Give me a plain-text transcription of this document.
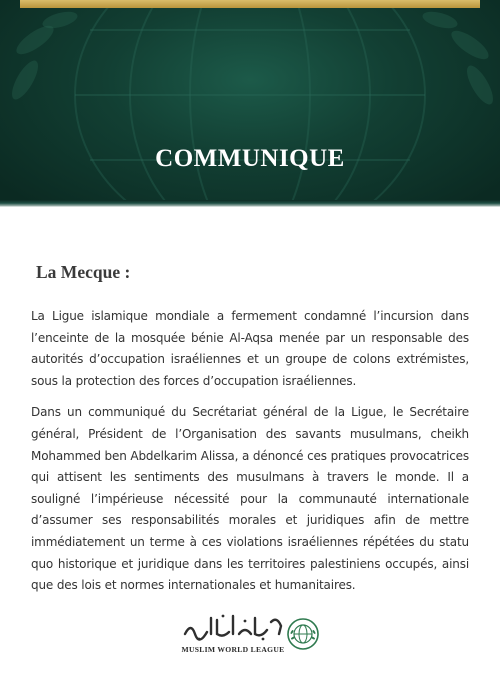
COMMUNIQUE
La Mecque :

La Ligue islamique mondiale a fermement condamné l’incursion dans l’enceinte de la mosquée bénie Al-Aqsa menée par un responsable des autorités d’occupation israéliennes et un groupe de colons extrémistes, sous la protection des forces d’occupation israéliennes.

Dans un communiqué du Secrétariat général de la Ligue, le Secrétaire général, Président de l’Organisation des savants musulmans, cheikh Mohammed ben Abdelkarim Alissa, a dénoncé ces pratiques provocatrices qui attisent les sentiments des musulmans à travers le monde. Il a souligné l’impérieuse nécessité pour la communauté internationale d’assumer ses responsabilités morales et juridiques afin de mettre immédiatement un terme à ces violations israéliennes répétées du statu quo historique et juridique dans les territoires palestiniens occupés, ainsi que des lois et normes internationales et humanitaires.

MUSLIM WORLD LEAGUE
